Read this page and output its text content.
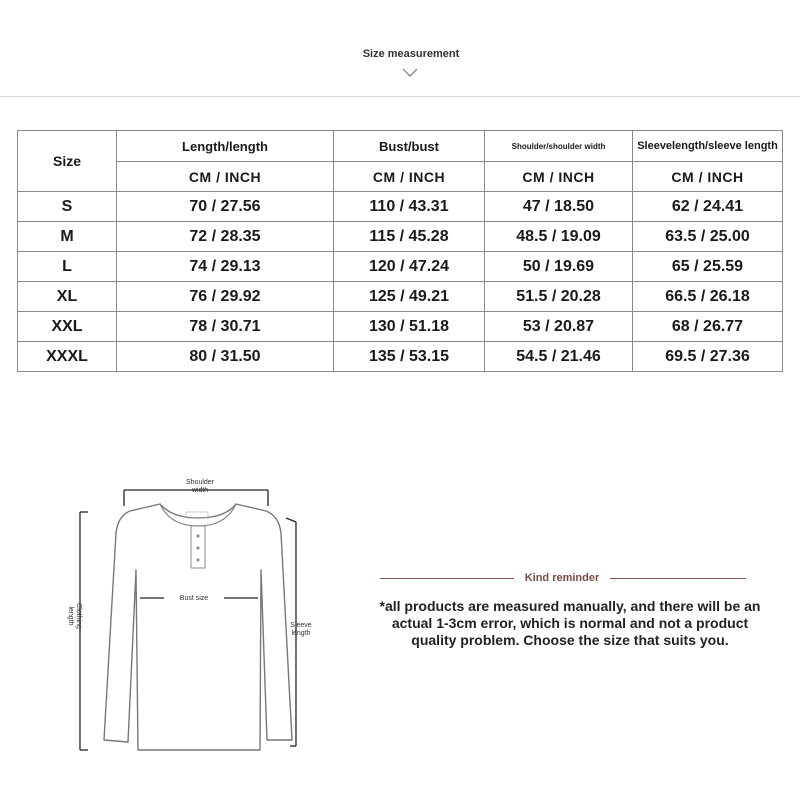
Size measurement
Size	Length/length	Bust/bust	Shoulder/shoulder width	Sleevelength/sleeve length
	CM / INCH	CM / INCH	CM / INCH	CM / INCH
S	70 / 27.56	110 / 43.31	47 / 18.50	62 / 24.41
M	72 / 28.35	115 / 45.28	48.5 / 19.09	63.5 / 25.00
L	74 / 29.13	120 / 47.24	50 / 19.69	65 / 25.59
XL	76 / 29.92	125 / 49.21	51.5 / 20.28	66.5 / 26.18
XXL	78 / 30.71	130 / 51.18	53 / 20.87	68 / 26.77
XXXL	80 / 31.50	135 / 53.15	54.5 / 21.46	69.5 / 27.36
Shoulder
width
Bust size
Clothing
length	Sleeve
length
Kind reminder
*all products are measured manually, and there will be an actual 1-3cm error, which is normal and not a product quality problem. Choose the size that suits you.
